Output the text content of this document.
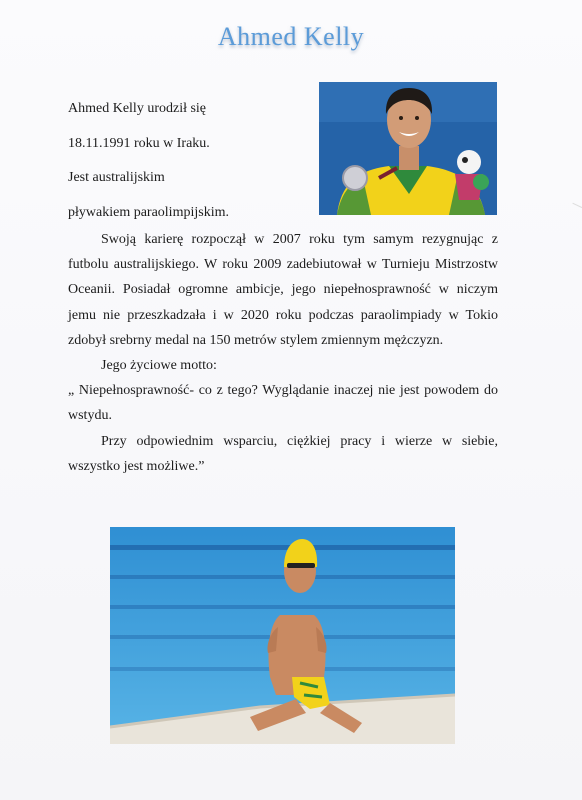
Ahmed Kelly
Ahmed Kelly urodził się
18.11.1991 roku w Iraku.
Jest australijskim
pływakiem paraolimpijskim.

Swoją karierę rozpoczął w 2007 roku tym samym rezygnując z futbolu australijskiego. W roku 2009 zadebiutował w Turnieju Mistrzostw Oceanii. Posiadał ogromne ambicje, jego niepełnosprawność w niczym jemu nie przeszkadzała i w 2020 roku podczas paraolimpiady w Tokio zdobył srebrny medal na 150 metrów stylem zmiennym mężczyzn.

Jego życiowe motto:

„ Niepełnosprawność- co z tego? Wyglądanie inaczej nie jest powodem do wstydu.

Przy odpowiednim wsparciu, ciężkiej pracy i wierze w siebie, wszystko jest możliwe.”
